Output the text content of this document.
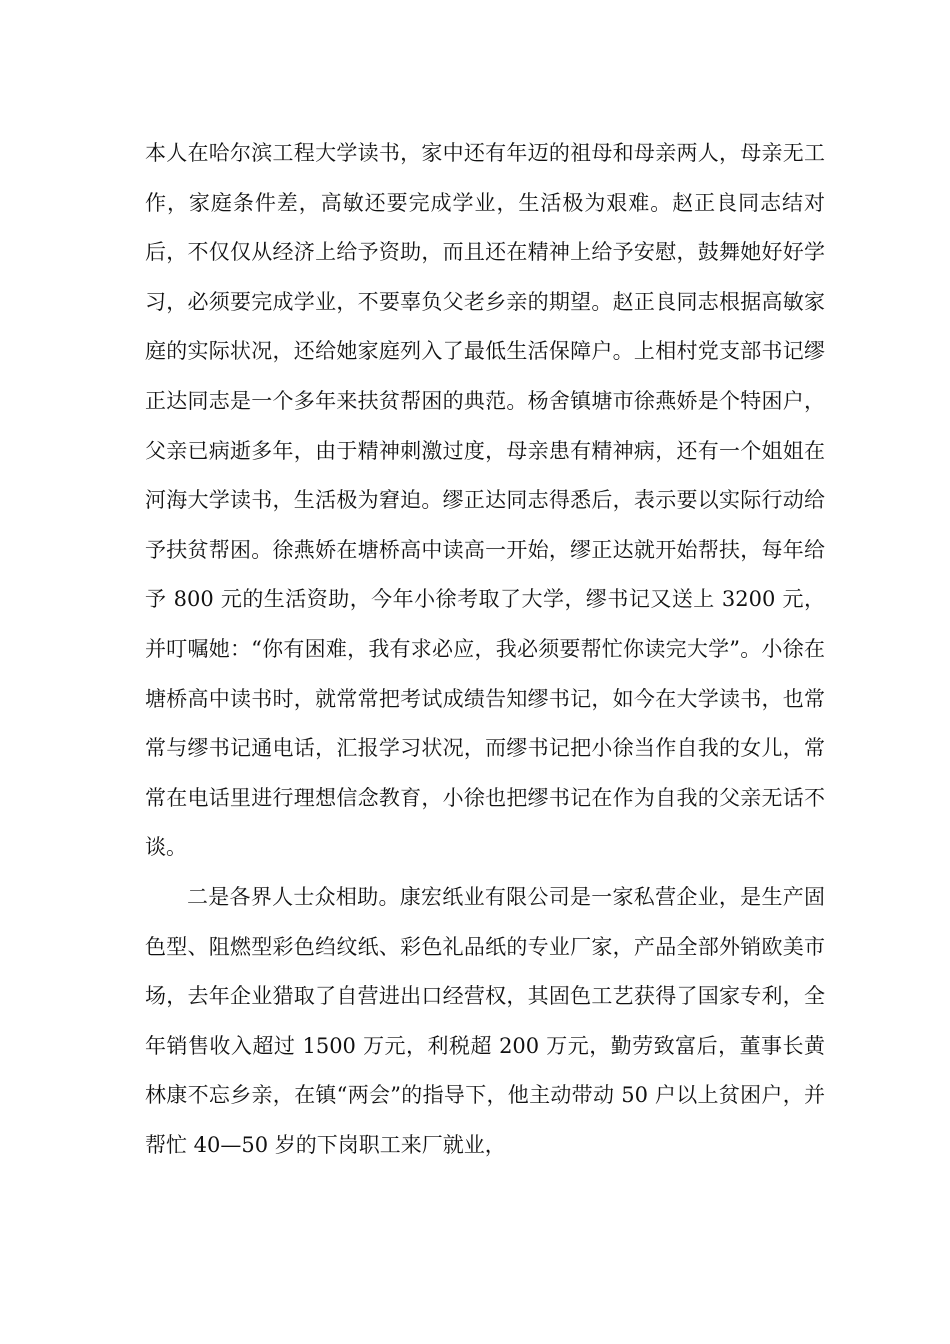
本人在哈尔滨工程大学读书，家中还有年迈的祖母和母亲两人，母亲无工作，家庭条件差，高敏还要完成学业，生活极为艰难。赵正良同志结对后，不仅仅从经济上给予资助，而且还在精神上给予安慰，鼓舞她好好学习，必须要完成学业，不要辜负父老乡亲的期望。赵正良同志根据高敏家庭的实际状况，还给她家庭列入了最低生活保障户。上相村党支部书记缪正达同志是一个多年来扶贫帮困的典范。杨舍镇塘市徐燕娇是个特困户，父亲已病逝多年，由于精神刺激过度，母亲患有精神病，还有一个姐姐在河海大学读书，生活极为窘迫。缪正达同志得悉后，表示要以实际行动给予扶贫帮困。徐燕娇在塘桥高中读高一开始，缪正达就开始帮扶，每年给予 800 元的生活资助，今年小徐考取了大学，缪书记又送上 3200 元，并叮嘱她：“你有困难，我有求必应，我必须要帮忙你读完大学”。小徐在塘桥高中读书时，就常常把考试成绩告知缪书记，如今在大学读书，也常常与缪书记通电话，汇报学习状况，而缪书记把小徐当作自我的女儿，常常在电话里进行理想信念教育，小徐也把缪书记在作为自我的父亲无话不谈。

二是各界人士众相助。康宏纸业有限公司是一家私营企业，是生产固色型、阻燃型彩色绉纹纸、彩色礼品纸的专业厂家，产品全部外销欧美市场，去年企业猎取了自营进出口经营权，其固色工艺获得了国家专利，全年销售收入超过 1500 万元，利税超 200 万元，勤劳致富后，董事长黄林康不忘乡亲，在镇“两会”的指导下，他主动带动 50 户以上贫困户，并帮忙 40—50 岁的下岗职工来厂就业，
